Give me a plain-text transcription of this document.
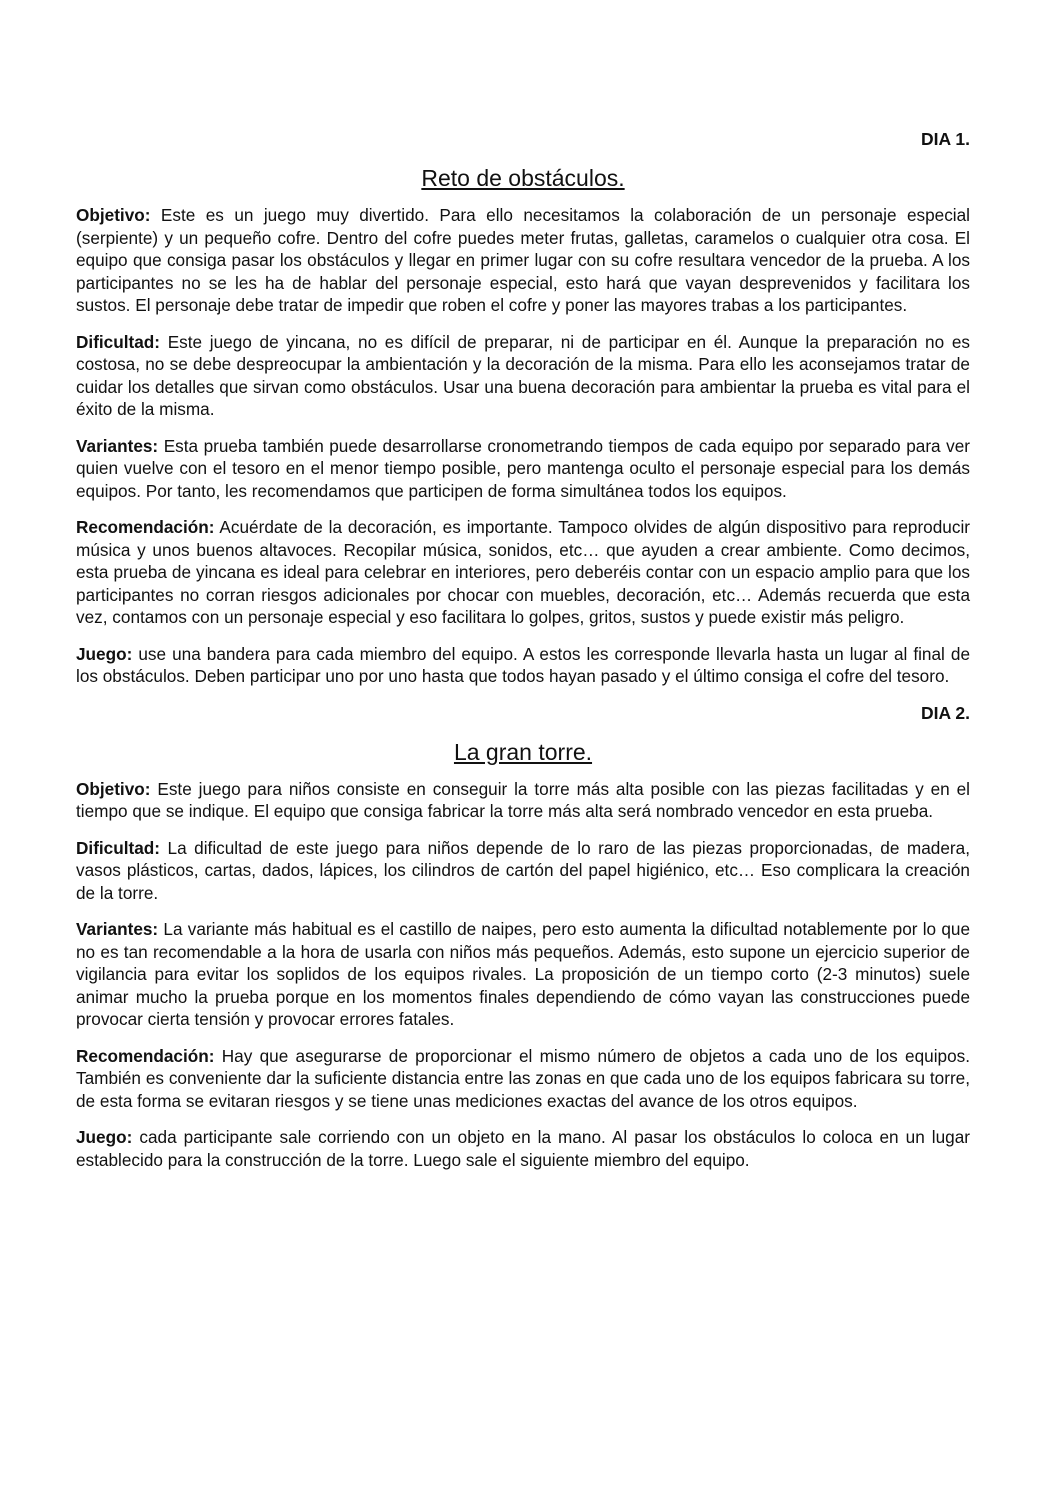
DIA 1.
Reto de obstáculos.

Objetivo: Este es un juego muy divertido. Para ello necesitamos la colaboración de un personaje especial (serpiente) y un pequeño cofre. Dentro del cofre puedes meter frutas, galletas, caramelos o cualquier otra cosa. El equipo que consiga pasar los obstáculos y llegar en primer lugar con su cofre resultara vencedor de la prueba. A los participantes no se les ha de hablar del personaje especial, esto hará que vayan desprevenidos y facilitara los sustos. El personaje debe tratar de impedir que roben el cofre y poner las mayores trabas a los participantes.

Dificultad: Este juego de yincana, no es difícil de preparar, ni de participar en él. Aunque la preparación no es costosa, no se debe despreocupar la ambientación y la decoración de la misma. Para ello les aconsejamos tratar de cuidar los detalles que sirvan como obstáculos. Usar una buena decoración para ambientar la prueba es vital para el éxito de la misma.

Variantes: Esta prueba también puede desarrollarse cronometrando tiempos de cada equipo por separado para ver quien vuelve con el tesoro en el menor tiempo posible, pero mantenga oculto el personaje especial para los demás equipos. Por tanto, les recomendamos que participen de forma simultánea todos los equipos.

Recomendación: Acuérdate de la decoración, es importante. Tampoco olvides de algún dispositivo para reproducir música y unos buenos altavoces. Recopilar música, sonidos, etc… que ayuden a crear ambiente. Como decimos, esta prueba de yincana es ideal para celebrar en interiores, pero deberéis contar con un espacio amplio para que los participantes no corran riesgos adicionales por chocar con muebles, decoración, etc… Además recuerda que esta vez, contamos con un personaje especial y eso facilitara lo golpes, gritos, sustos y puede existir más peligro.

Juego: use una bandera para cada miembro del equipo. A estos les corresponde llevarla hasta un lugar al final de los obstáculos. Deben participar uno por uno hasta que todos hayan pasado y el último consiga el cofre del tesoro.

DIA 2.
La gran torre.

Objetivo: Este juego para niños consiste en conseguir la torre más alta posible con las piezas facilitadas y en el tiempo que se indique. El equipo que consiga fabricar la torre más alta será nombrado vencedor en esta prueba.

Dificultad: La dificultad de este juego para niños depende de lo raro de las piezas proporcionadas, de madera, vasos plásticos, cartas, dados, lápices, los cilindros de cartón del papel higiénico, etc… Eso complicara la creación de la torre.

Variantes: La variante más habitual es el castillo de naipes, pero esto aumenta la dificultad notablemente por lo que no es tan recomendable a la hora de usarla con niños más pequeños. Además, esto supone un ejercicio superior de vigilancia para evitar los soplidos de los equipos rivales. La proposición de un tiempo corto (2-3 minutos) suele animar mucho la prueba porque en los momentos finales dependiendo de cómo vayan las construcciones puede provocar cierta tensión y provocar errores fatales.

Recomendación: Hay que asegurarse de proporcionar el mismo número de objetos a cada uno de los equipos. También es conveniente dar la suficiente distancia entre las zonas en que cada uno de los equipos fabricara su torre, de esta forma se evitaran riesgos y se tiene unas mediciones exactas del avance de los otros equipos.

Juego: cada participante sale corriendo con un objeto en la mano. Al pasar los obstáculos lo coloca en un lugar establecido para la construcción de la torre. Luego sale el siguiente miembro del equipo.
